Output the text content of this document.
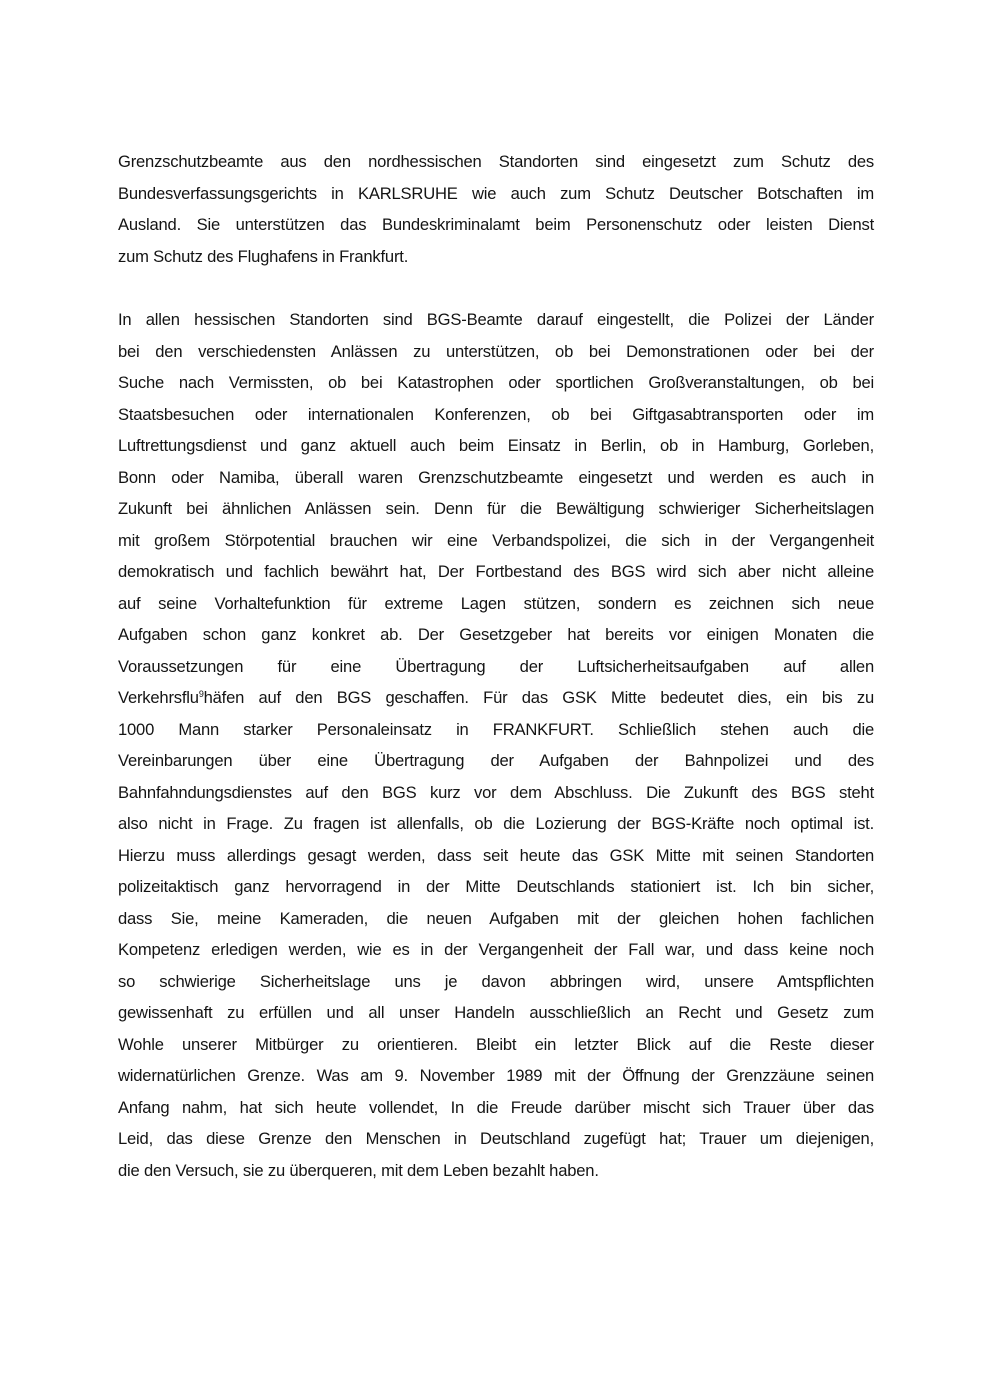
Grenzschutzbeamte aus den nordhessischen Standorten sind eingesetzt zum Schutz des
Bundesverfassungsgerichts in KARLSRUHE wie auch zum Schutz Deutscher Botschaften im
Ausland. Sie unterstützen das Bundeskriminalamt beim Personenschutz oder leisten Dienst
zum Schutz des Flughafens in Frankfurt.
In allen hessischen Standorten sind BGS-Beamte darauf eingestellt, die Polizei der Länder
bei den verschiedensten Anlässen zu unterstützen, ob bei Demonstrationen oder bei der
Suche nach Vermissten, ob bei Katastrophen oder sportlichen Großveranstaltungen, ob bei
Staatsbesuchen oder internationalen Konferenzen, ob bei Giftgasabtransporten oder im
Luftrettungsdienst und ganz aktuell auch beim Einsatz in Berlin, ob in Hamburg, Gorleben,
Bonn oder Namiba, überall waren Grenzschutzbeamte eingesetzt und werden es auch in
Zukunft bei ähnlichen Anlässen sein. Denn für die Bewältigung schwieriger Sicherheitslagen
mit großem Störpotential brauchen wir eine Verbandspolizei, die sich in der Vergangenheit
demokratisch und fachlich bewährt hat, Der Fortbestand des BGS wird sich aber nicht alleine
auf seine Vorhaltefunktion für extreme Lagen stützen, sondern es zeichnen sich neue
Aufgaben schon ganz konkret ab. Der Gesetzgeber hat bereits vor einigen Monaten die
Voraussetzungen für eine Übertragung der Luftsicherheitsaufgaben auf allen
Verkehrsflu$^9$häfen auf den BGS geschaffen. Für das GSK Mitte bedeutet dies, ein bis zu
1000 Mann starker Personaleinsatz in FRANKFURT. Schließlich stehen auch die
Vereinbarungen über eine Übertragung der Aufgaben der Bahnpolizei und des
Bahnfahndungsdienstes auf den BGS kurz vor dem Abschluss. Die Zukunft des BGS steht
also nicht in Frage. Zu fragen ist allenfalls, ob die Lozierung der BGS-Kräfte noch optimal ist.
Hierzu muss allerdings gesagt werden, dass seit heute das GSK Mitte mit seinen Standorten
polizeitaktisch ganz hervorragend in der Mitte Deutschlands stationiert ist. Ich bin sicher,
dass Sie, meine Kameraden, die neuen Aufgaben mit der gleichen hohen fachlichen
Kompetenz erledigen werden, wie es in der Vergangenheit der Fall war, und dass keine noch
so schwierige Sicherheitslage uns je davon abbringen wird, unsere Amtspflichten
gewissenhaft zu erfüllen und all unser Handeln ausschließlich an Recht und Gesetz zum
Wohle unserer Mitbürger zu orientieren. Bleibt ein letzter Blick auf die Reste dieser
widernatürlichen Grenze. Was am 9. November 1989 mit der Öffnung der Grenzzäune seinen
Anfang nahm, hat sich heute vollendet, In die Freude darüber mischt sich Trauer über das
Leid, das diese Grenze den Menschen in Deutschland zugefügt hat; Trauer um diejenigen,
die den Versuch, sie zu überqueren, mit dem Leben bezahlt haben.
